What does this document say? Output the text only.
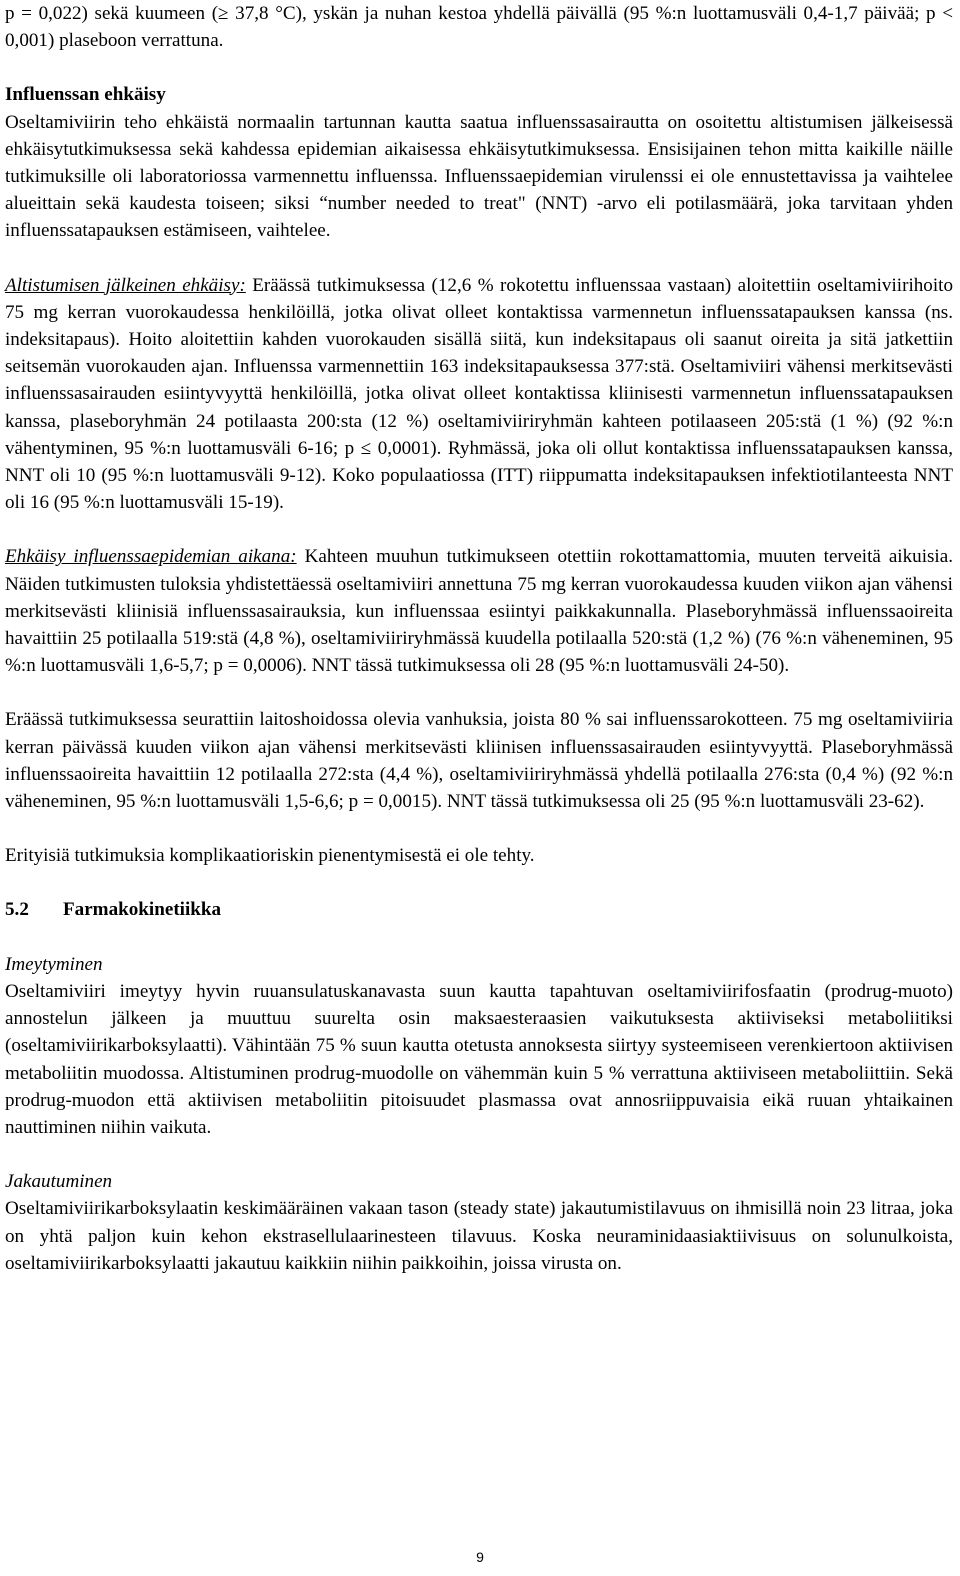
p = 0,022) sekä kuumeen (≥ 37,8 °C), yskän ja nuhan kestoa yhdellä päivällä (95 %:n luottamusväli 0,4-1,7 päivää; p < 0,001) plaseboon verrattuna.

Influenssan ehkäisy

Oseltamiviirin teho ehkäistä normaalin tartunnan kautta saatua influenssasairautta on osoitettu altistumisen jälkeisessä ehkäisytutkimuksessa sekä kahdessa epidemian aikaisessa ehkäisytutkimuksessa. Ensisijainen tehon mitta kaikille näille tutkimuksille oli laboratoriossa varmennettu influenssa. Influenssaepidemian virulenssi ei ole ennustettavissa ja vaihtelee alueittain sekä kaudesta toiseen; siksi “number needed to treat" (NNT) -arvo eli potilasmäärä, joka tarvitaan yhden influenssatapauksen estämiseen, vaihtelee.

Altistumisen jälkeinen ehkäisy: Eräässä tutkimuksessa (12,6 % rokotettu influenssaa vastaan) aloitettiin oseltamiviirihoito 75 mg kerran vuorokaudessa henkilöillä, jotka olivat olleet kontaktissa varmennetun influenssatapauksen kanssa (ns. indeksitapaus). Hoito aloitettiin kahden vuorokauden sisällä siitä, kun indeksitapaus oli saanut oireita ja sitä jatkettiin seitsemän vuorokauden ajan. Influenssa varmennettiin 163 indeksitapauksessa 377:stä. Oseltamiviiri vähensi merkitsevästi influenssasairauden esiintyvyyttä henkilöillä, jotka olivat olleet kontaktissa kliinisesti varmennetun influenssatapauksen kanssa, plaseboryhmän 24 potilaasta 200:sta (12 %) oseltamiviiriryhmän kahteen potilaaseen 205:stä (1 %) (92 %:n vähentyminen, 95 %:n luottamusväli 6-16; p ≤ 0,0001). Ryhmässä, joka oli ollut kontaktissa influenssatapauksen kanssa, NNT oli 10 (95 %:n luottamusväli 9-12). Koko populaatiossa (ITT) riippumatta indeksitapauksen infektiotilanteesta NNT oli 16 (95 %:n luottamusväli 15-19).

Ehkäisy influenssaepidemian aikana: Kahteen muuhun tutkimukseen otettiin rokottamattomia, muuten terveitä aikuisia. Näiden tutkimusten tuloksia yhdistettäessä oseltamiviiri annettuna 75 mg kerran vuorokaudessa kuuden viikon ajan vähensi merkitsevästi kliinisiä influenssasairauksia, kun influenssaa esiintyi paikkakunnalla. Plaseboryhmässä influenssaoireita havaittiin 25 potilaalla 519:stä (4,8 %), oseltamiviiriryhmässä kuudella potilaalla 520:stä (1,2 %) (76 %:n väheneminen, 95 %:n luottamusväli 1,6-5,7; p = 0,0006). NNT tässä tutkimuksessa oli 28 (95 %:n luottamusväli 24-50).

Eräässä tutkimuksessa seurattiin laitoshoidossa olevia vanhuksia, joista 80 % sai influenssarokotteen. 75 mg oseltamiviiria kerran päivässä kuuden viikon ajan vähensi merkitsevästi kliinisen influenssasairauden esiintyvyyttä. Plaseboryhmässä influenssaoireita havaittiin 12 potilaalla 272:sta (4,4 %), oseltamiviiriryhmässä yhdellä potilaalla 276:sta (0,4 %) (92 %:n väheneminen, 95 %:n luottamusväli 1,5-6,6; p = 0,0015). NNT tässä tutkimuksessa oli 25 (95 %:n luottamusväli 23-62).

Erityisiä tutkimuksia komplikaatioriskin pienentymisestä ei ole tehty.

5.2 Farmakokinetiikka
Imeytyminen

Oseltamiviiri imeytyy hyvin ruuansulatuskanavasta suun kautta tapahtuvan oseltamiviirifosfaatin (prodrug-muoto) annostelun jälkeen ja muuttuu suurelta osin maksaesteraasien vaikutuksesta aktiiviseksi metaboliitiksi (oseltamiviirikarboksylaatti). Vähintään 75 % suun kautta otetusta annoksesta siirtyy systeemiseen verenkiertoon aktiivisen metaboliitin muodossa. Altistuminen prodrug-muodolle on vähemmän kuin 5 % verrattuna aktiiviseen metaboliittiin. Sekä prodrug-muodon että aktiivisen metaboliitin pitoisuudet plasmassa ovat annosriippuvaisia eikä ruuan yhtaikainen nauttiminen niihin vaikuta.

Jakautuminen

Oseltamiviirikarboksylaatin keskimääräinen vakaan tason (steady state) jakautumistilavuus on ihmisillä noin 23 litraa, joka on yhtä paljon kuin kehon ekstrasellulaarinesteen tilavuus. Koska neuraminidaasiaktiivisuus on solunulkoista, oseltamiviirikarboksylaatti jakautuu kaikkiin niihin paikkoihin, joissa virusta on.

9
